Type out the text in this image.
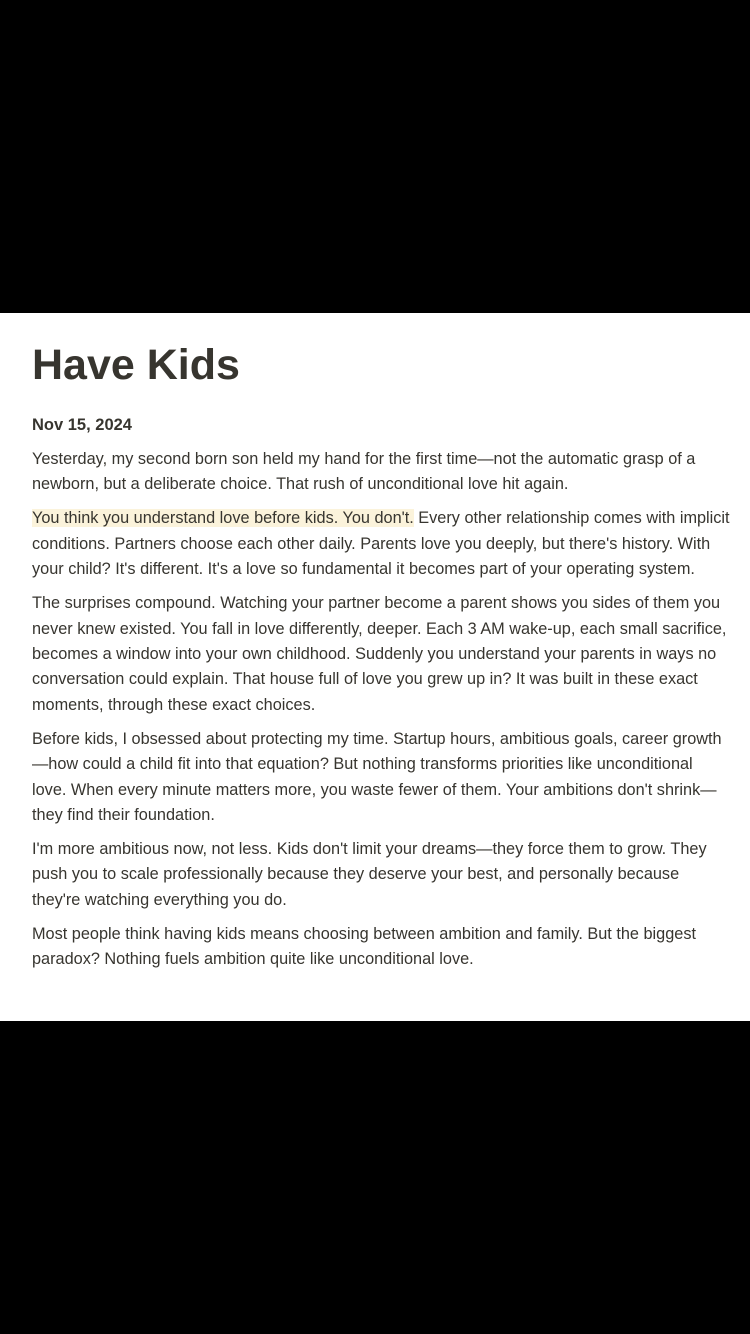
Have Kids
Nov 15, 2024

Yesterday, my second born son held my hand for the first time—not the automatic grasp of a newborn, but a deliberate choice. That rush of unconditional love hit again.

You think you understand love before kids. You don't. Every other relationship comes with implicit conditions. Partners choose each other daily. Parents love you deeply, but there's history. With your child? It's different. It's a love so fundamental it becomes part of your operating system.

The surprises compound. Watching your partner become a parent shows you sides of them you never knew existed. You fall in love differently, deeper. Each 3 AM wake-up, each small sacrifice, becomes a window into your own childhood. Suddenly you understand your parents in ways no conversation could explain. That house full of love you grew up in? It was built in these exact moments, through these exact choices.

Before kids, I obsessed about protecting my time. Startup hours, ambitious goals, career growth—how could a child fit into that equation? But nothing transforms priorities like unconditional love. When every minute matters more, you waste fewer of them. Your ambitions don't shrink—they find their foundation.

I'm more ambitious now, not less. Kids don't limit your dreams—they force them to grow. They push you to scale professionally because they deserve your best, and personally because they're watching everything you do.

Most people think having kids means choosing between ambition and family. But the biggest paradox? Nothing fuels ambition quite like unconditional love.
